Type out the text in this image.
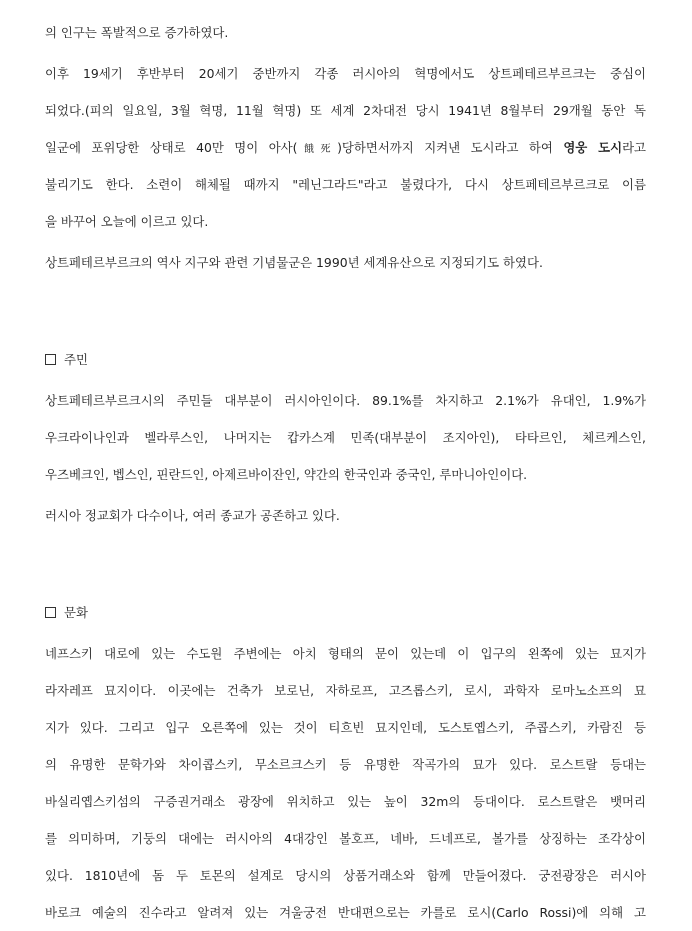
의 인구는 폭발적으로 증가하였다.
이후 19세기 후반부터 20세기 중반까지 각종 러시아의 혁명에서도 상트페테르부르크는 중심이
되었다.(피의 일요일, 3월 혁명, 11월 혁명) 또 세계 2차대전 당시 1941년 8월부터 29개월 동안 독
일군에 포위당한 상태로 40만 명이 아사(餓死)당하면서까지 지켜낸 도시라고 하여 영웅 도시라고
불리기도 한다. 소련이 해체될 때까지 "레닌그라드"라고 불렸다가, 다시 상트페테르부르크로 이름
을 바꾸어 오늘에 이르고 있다.
상트페테르부르크의 역사 지구와 관련 기념물군은 1990년 세계유산으로 지정되기도 하였다.
주민
상트페테르부르크시의 주민들 대부분이 러시아인이다. 89.1%를 차지하고 2.1%가 유대인, 1.9%가
우크라이나인과 벨라루스인, 나머지는 캅카스계 민족(대부분이 조지아인), 타타르인, 체르케스인,
우즈베크인, 벱스인, 핀란드인, 아제르바이잔인, 약간의 한국인과 중국인, 루마니아인이다.
러시아 정교회가 다수이나, 여러 종교가 공존하고 있다.
문화
네프스키 대로에 있는 수도원 주변에는 아치 형태의 문이 있는데 이 입구의 왼쪽에 있는 묘지가
라자레프 묘지이다. 이곳에는 건축가 보로닌, 자하로프, 고즈롭스키, 로시, 과학자 로마노소프의 묘
지가 있다. 그리고 입구 오른쪽에 있는 것이 티흐빈 묘지인데, 도스토옙스키, 주콥스키, 카람진 등
의 유명한 문학가와 차이콥스키, 무소르크스키 등 유명한 작곡가의 묘가 있다. 로스트랄 등대는
바실리옙스키섬의 구증권거래소 광장에 위치하고 있는 높이 32m의 등대이다. 로스트랄은 뱃머리
를 의미하며, 기둥의 대에는 러시아의 4대강인 볼호프, 네바, 드네프로, 볼가를 상징하는 조각상이
있다. 1810년에 돔 두 토몬의 설계로 당시의 상품거래소와 함께 만들어졌다. 궁전광장은 러시아
바로크 예술의 진수라고 알려져 있는 겨울궁전 반대편으로는 카를로 로시(Carlo Rossi)에 의해 고
